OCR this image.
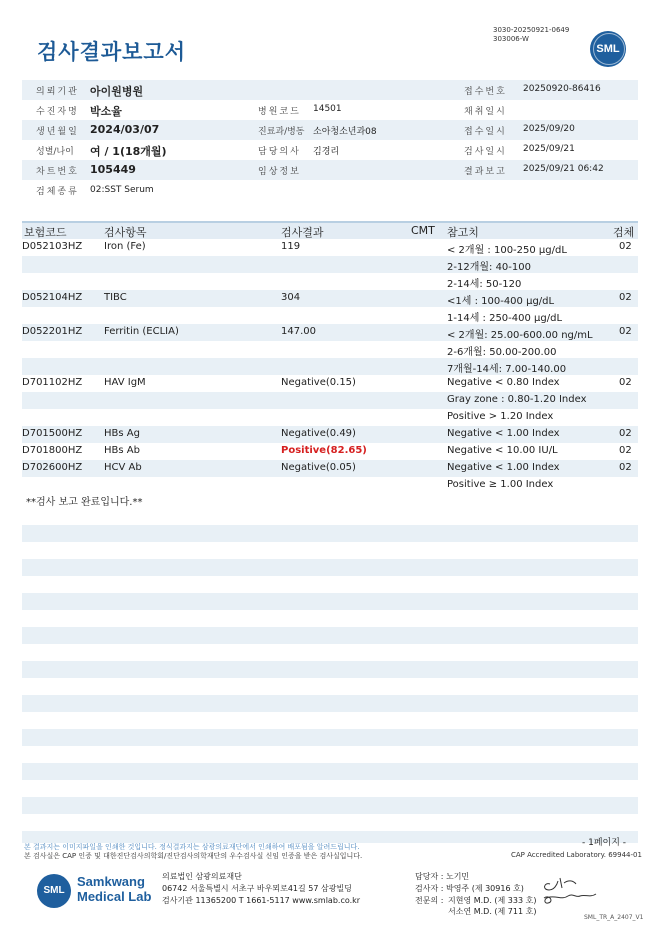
검사결과보고서
3030-20250921-0649
303006-W
SML
의뢰기관 아이원병원	접수번호 20250920-86416
수진자명 박소율	병원코드 14501	채취일시
생년월일 2024/03/07	진료과/병동 소아청소년과08	접수일시 2025/09/20
성별/나이 여 / 1(18개월)	담당의사 김경리	검사일시 2025/09/21
차트번호 105449	임상정보	결과보고 2025/09/21 06:42
검체종류 02:SST Serum
보험코드	검사항목	검사결과	CMT 참고치	검체
D052103HZ Iron (Fe)	119	< 2개월 : 100-250 μg/dL	02
2-12개월: 40-100
2-14세: 50-120
D052104HZ TIBC	304	<1세 : 100-400 μg/dL	02
1-14세 : 250-400 μg/dL
D052201HZ Ferritin (ECLIA)	147.00	< 2개월: 25.00-600.00 ng/mL	02
2-6개월: 50.00-200.00
7개월-14세: 7.00-140.00
D701102HZ HAV IgM	Negative(0.15)	Negative < 0.80 Index	02
Gray zone : 0.80-1.20 Index
Positive > 1.20 Index
D701500HZ HBs Ag	Negative(0.49)	Negative < 1.00 Index	02
D701800HZ HBs Ab	Positive(82.65)	Negative < 10.00 IU/L	02
D702600HZ HCV Ab	Negative(0.05)	Negative < 1.00 Index	02
Positive ≥ 1.00 Index
**검사 보고 완료입니다.**
본 결과지는 이미지파일을 인쇄한 것입니다. 정식결과지는 삼광의료재단에서 인쇄하여 배포됨을 알려드립니다.
본 검사실은 CAP 인증 및 대한진단검사의학회/진단검사의학재단의 우수검사실 신임 인증을 받은 검사실입니다.
- 1페이지 -
CAP Accredited Laboratory. 69944-01
SML
Samkwang
Medical Lab
의료법인 삼광의료재단
06742 서울특별시 서초구 바우뫼로41길 57 삼광빌딩
검사기관 11365200 T 1661-5117 www.smlab.co.kr
담당자 : 노기민
검사자 : 박영주 (제 30916 호)
전문의 : 지현영 M.D. (제 333 호)
서소연 M.D. (제 711 호)
SML_TR_A_2407_V1
